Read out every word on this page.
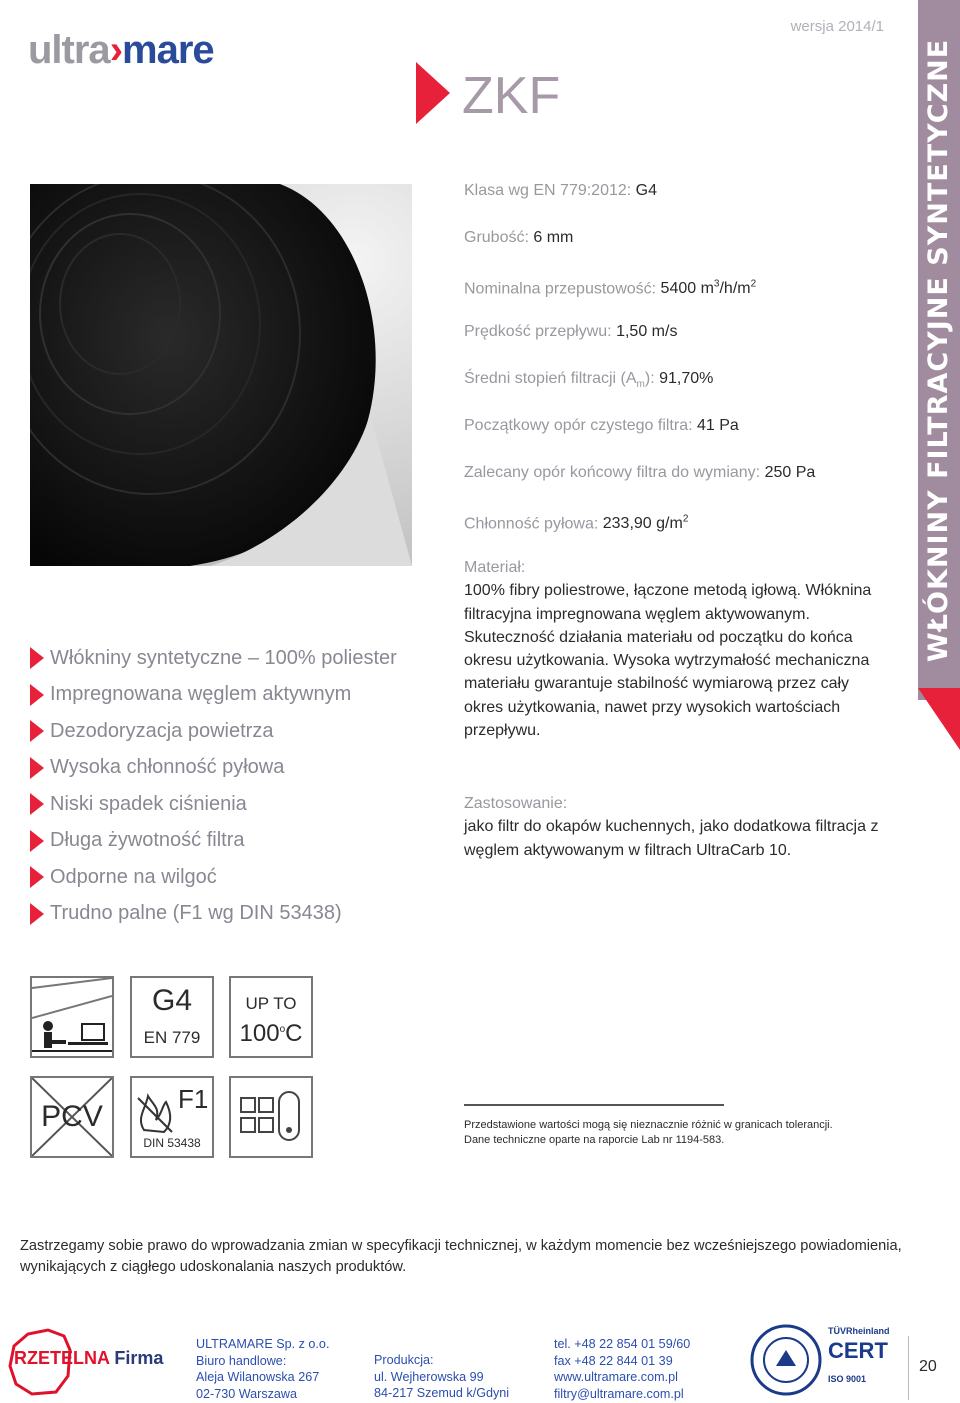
ultra›mare
wersja 2014/1
ZKF	WŁÓKNINY FILTRACYJNE SYNTETYCZNE
Włókniny syntetyczne – 100% poliester
Impregnowana węglem aktywnym
Dezodoryzacja powietrza
Wysoka chłonność pyłowa
Niski spadek ciśnienia
Długa żywotność filtra
Odporne na wilgoć
Trudno palne (F1 wg DIN 53438)
Klasa wg EN 779:2012: G4
Grubość: 6 mm
Nominalna przepustowość: 5400 $m^3/h/m^2$
Prędkość przepływu: 1,50 m/s
Średni stopień filtracji $(A_m)$: 91,70%
Początkowy opór czystego filtra: 41 Pa
Zalecany opór końcowy filtra do wymiany: 250 Pa
Chłonność pyłowa: 233,90 $g/m^2$
Materiał:
100% fibry poliestrowe, łączone metodą igłową. Włóknina filtracyjna impregnowana węglem aktywowanym. Skuteczność działania materiału od początku do końca okresu użytkowania. Wysoka wytrzymałość mechaniczna materiału gwarantuje stabilność wymiarową przez cały okres użytkowania, nawet przy wysokich wartościach przepływu.
Zastosowanie:
jako filtr do okapów kuchennych, jako dodatkowa filtracja z węglem aktywowanym w filtrach UltraCarb 10.
G4
EN 779
UP TO
100$^o$C
PCV
F1
DIN 53438
Przedstawione wartości mogą się nieznacznie różnić w granicach tolerancji.
Dane techniczne oparte na raporcie Lab nr 1194-583.
Zastrzegamy sobie prawo do wprowadzania zmian w specyfikacji technicznej, w każdym momencie bez wcześniejszego powiadomienia, wynikających z ciągłego udoskonalania naszych produktów.
RZETELNA Firma
ULTRAMARE Sp. z o.o.
Biuro handlowe:
Aleja Wilanowska 267
02-730 Warszawa
Produkcja:
ul. Wejherowska 99
84-217 Szemud k/Gdyni
tel. +48 22 854 01 59/60
fax +48 22 844 01 39
www.ultramare.com.pl
filtry@ultramare.com.pl
TÜVRheinland
CERT
ISO 9001
20
